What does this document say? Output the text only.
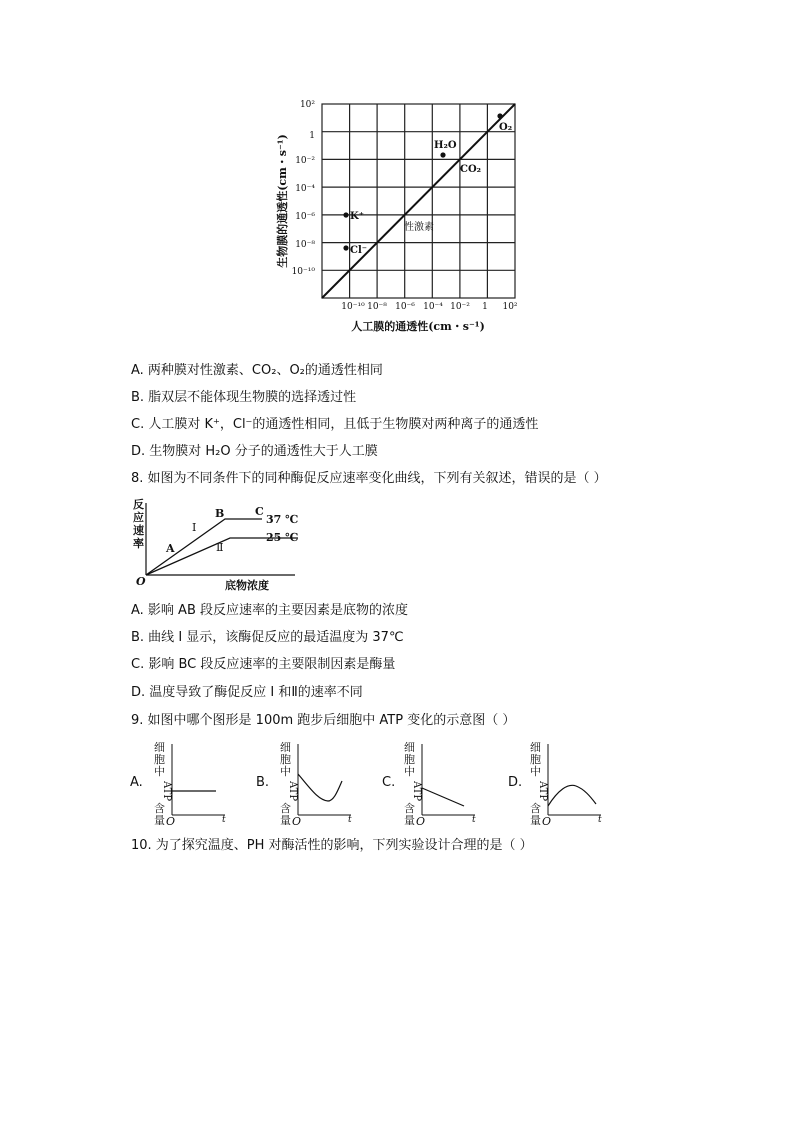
10²
1
10⁻²
10⁻⁴
10⁻⁶
10⁻⁸
10⁻¹⁰
10⁻¹⁰ 10⁻⁸ 10⁻⁶ 10⁻⁴ 10⁻² 1 10²
O₂
H₂O
CO₂
K⁺
Cl⁻
性激素
生物膜的通透性(cm・s⁻¹)
人工膜的通透性(cm・s⁻¹)
A. 两种膜对性激素、CO₂、O₂的通透性相同
B. 脂双层不能体现生物膜的选择透过性
C. 人工膜对 K⁺，Cl⁻的通透性相同，且低于生物膜对两种离子的通透性
D. 生物膜对 H₂O 分子的通透性大于人工膜
8. 如图为不同条件下的同种酶促反应速率变化曲线，下列有关叙述，错误的是（ ）
反
应
速
率
O
A
B	C
Ⅰ
Ⅱ
37 ℃
25 ℃
底物浓度
A. 影响 AB 段反应速率的主要因素是底物的浓度
B. 曲线 I 显示，该酶促反应的最适温度为 37℃
C. 影响 BC 段反应速率的主要限制因素是酶量
D. 温度导致了酶促反应 I 和Ⅱ的速率不同
9. 如图中哪个图形是 100m 跑步后细胞中 ATP 变化的示意图（ ）
A.
细
胞
中
ATP
含
量 O	t
B.
细
胞
中
ATP
含
量 O	t
C.
细
胞
中
ATP
含
量 O	t
D.
细
胞
中
ATP
含
量 O	t
10. 为了探究温度、PH 对酶活性的影响，下列实验设计合理的是（ ）
